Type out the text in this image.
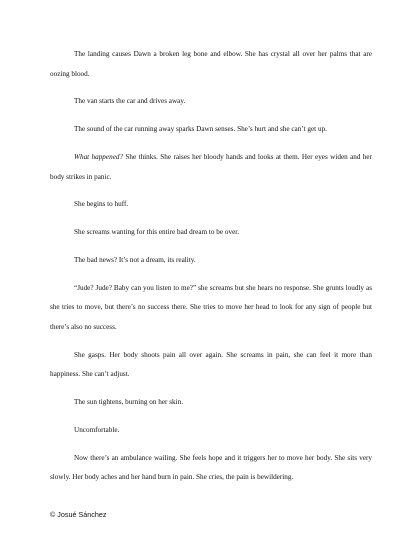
The landing causes Dawn a broken leg bone and elbow. She has crystal all over her palms that are oozing blood.

The van starts the car and drives away.

The sound of the car running away sparks Dawn senses. She’s hurt and she can’t get up.

What happened? She thinks. She raises her bloody hands and looks at them. Her eyes widen and her body strikes in panic.

She begins to huff.

She screams wanting for this entire bad dream to be over.

The bad news? It’s not a dream, its reality.

“Jude? Jude? Baby can you listen to me?” she screams but she hears no response. She grunts loudly as she tries to move, but there’s no success there. She tries to move her head to look for any sign of people but there’s also no success.

She gasps. Her body shoots pain all over again. She screams in pain, she can feel it more than happiness. She can’t adjust.

The sun tightens, burning on her skin.

Uncomfortable.

Now there’s an ambulance wailing. She feels hope and it triggers her to move her body. She sits very slowly. Her body aches and her hand burn in pain. She cries, the pain is bewildering.

© Josué Sánchez
